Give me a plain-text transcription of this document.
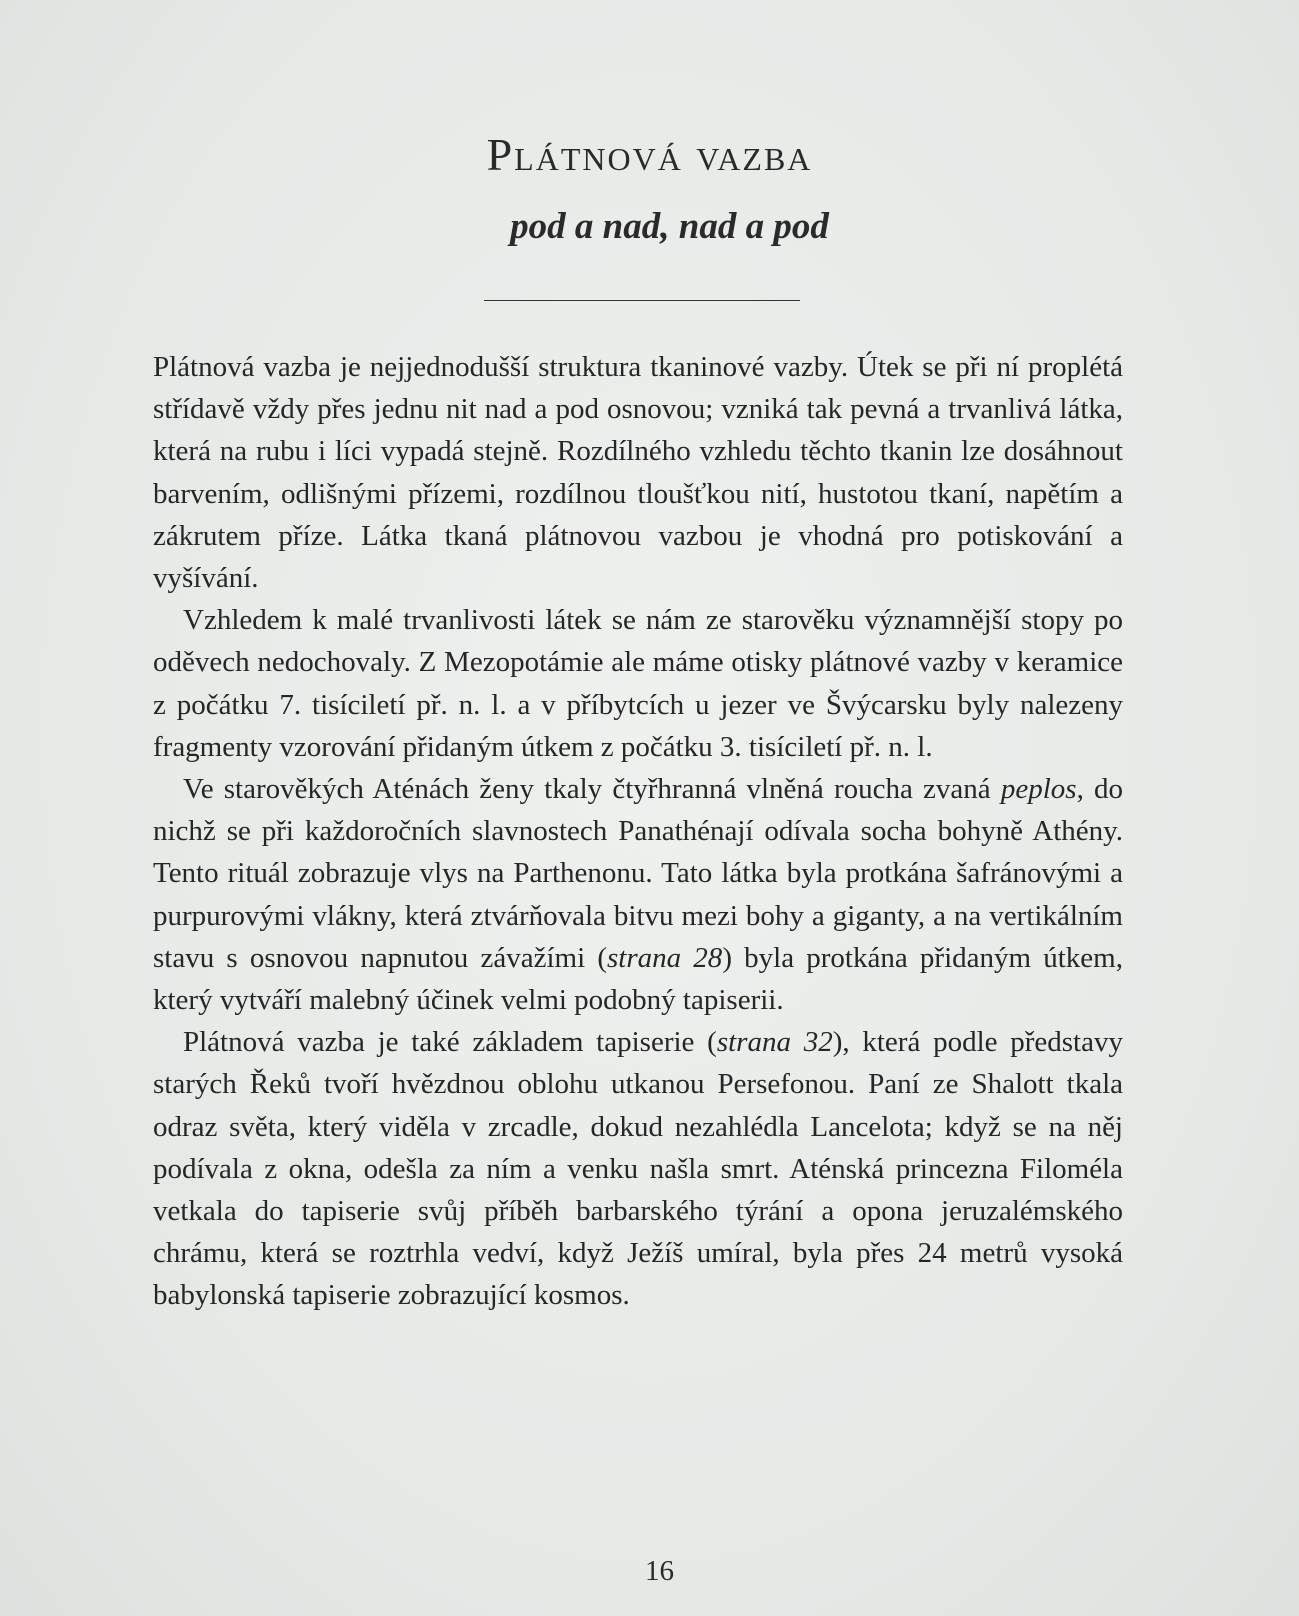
Plátnová vazba
pod a nad, nad a pod

Plátnová vazba je nejjednodušší struktura tkaninové vazby. Útek se při ní proplétá střídavě vždy přes jednu nit nad a pod osnovou; vzniká tak pevná a trvanlivá látka, která na rubu i líci vypadá stejně. Rozdílného vzhledu těchto tkanin lze dosáhnout barvením, odlišnými přízemi, rozdílnou tloušťkou nití, hustotou tkaní, napětím a zákrutem příze. Látka tkaná plátnovou vazbou je vhodná pro potiskování a vyšívání.

Vzhledem k malé trvanlivosti látek se nám ze starověku významnější stopy po oděvech nedochovaly. Z Mezopotámie ale máme otisky plátnové vazby v keramice z počátku 7. tisíciletí př. n. l. a v příbytcích u jezer ve Švýcarsku byly nalezeny fragmenty vzorování přidaným útkem z počátku 3. tisíciletí př. n. l.

Ve starověkých Aténách ženy tkaly čtyřhranná vlněná roucha zvaná peplos, do nichž se při každoročních slavnostech Panathénají odívala socha bohyně Athény. Tento rituál zobrazuje vlys na Parthenonu. Tato látka byla protkána šafránovými a purpurovými vlákny, která ztvárňovala bitvu mezi bohy a giganty, a na vertikálním stavu s osnovou napnutou závažími (strana 28) byla protkána přidaným útkem, který vytváří malebný účinek velmi podobný tapiserii.

Plátnová vazba je také základem tapiserie (strana 32), která podle představy starých Řeků tvoří hvězdnou oblohu utkanou Persefonou. Paní ze Shalott tkala odraz světa, který viděla v zrcadle, dokud nezahlédla Lancelota; když se na něj podívala z okna, odešla za ním a venku našla smrt. Aténská princezna Filoméla vetkala do tapiserie svůj příběh barbarského týrání a opona jeruzalémského chrámu, která se roztrhla vedví, když Ježíš umíral, byla přes 24 metrů vysoká babylonská tapiserie zobrazující kosmos.

16
